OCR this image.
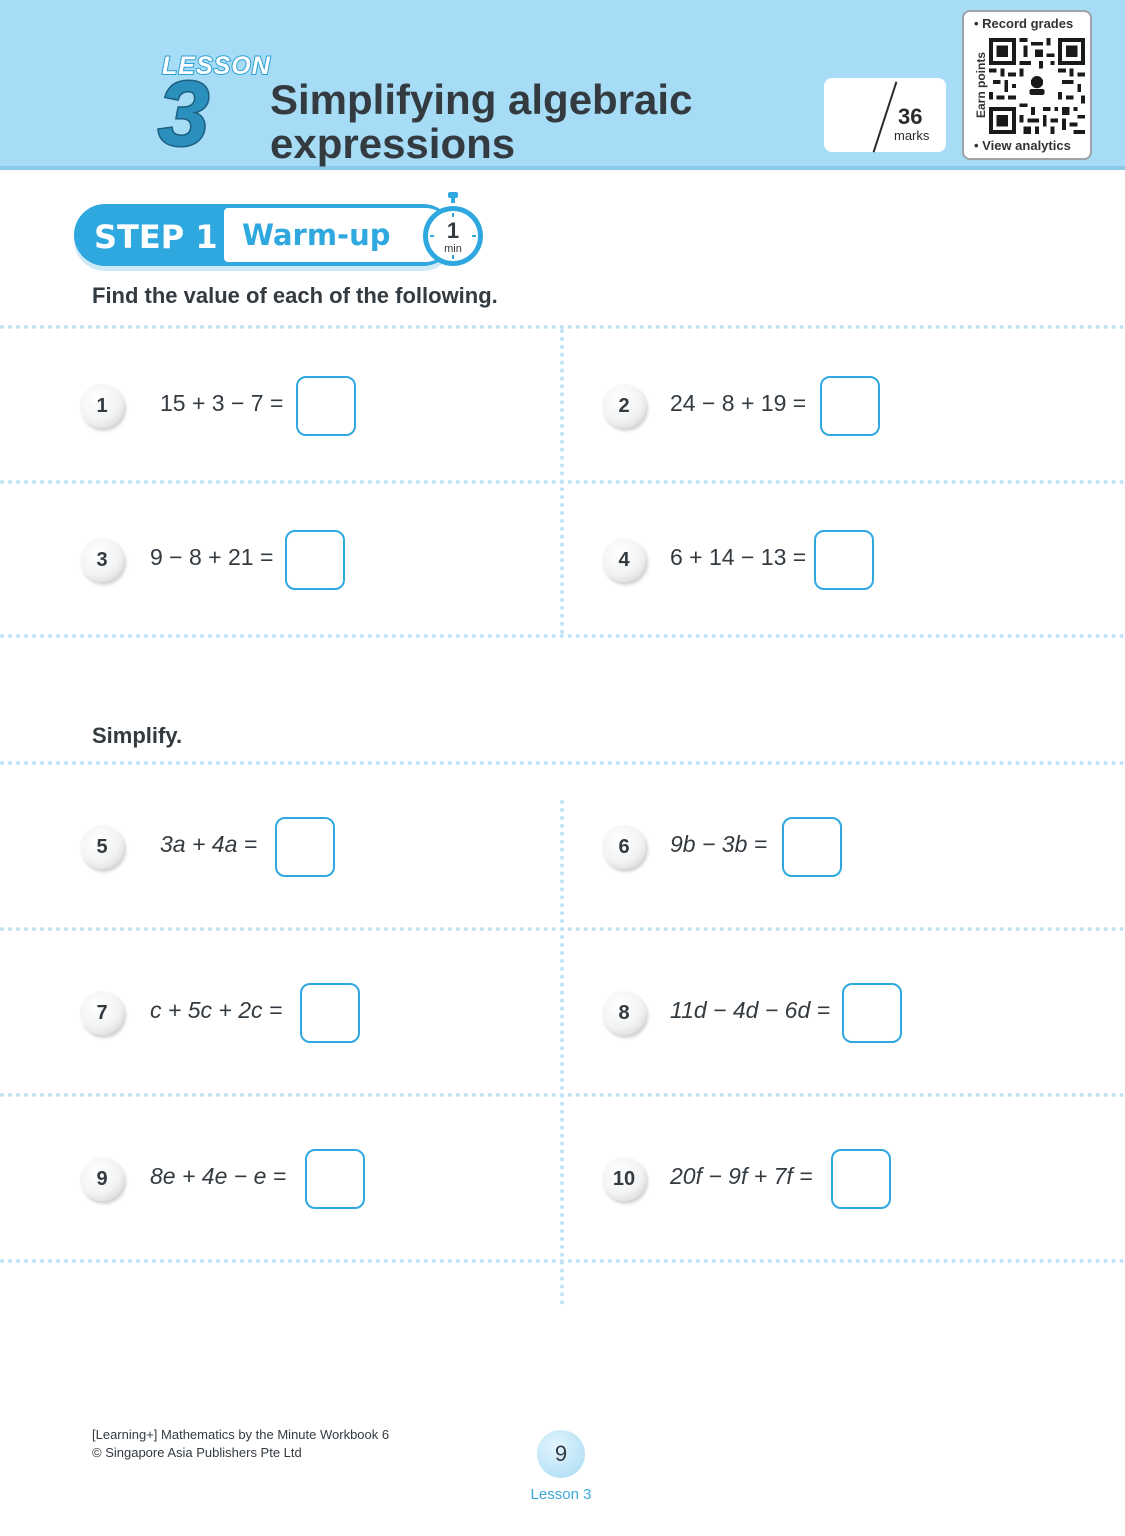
LESSON
3 Simplifying algebraic
expressions
36
marks
• Record grades
Earn points
• View analytics
STEP 1 Warm-up	1
min
Find the value of each of the following.
1	15 + 3 − 7 =	2	24 − 8 + 19 =
3	9 − 8 + 21 =	4	6 + 14 − 13 =
Simplify.
5	3a + 4a =	6	9b − 3b =
7	c + 5c + 2c =	8	11d − 4d − 6d =
9	8e + 4e − e =	10	20f − 9f + 7f =
[Learning+] Mathematics by the Minute Workbook 6
© Singapore Asia Publishers Pte Ltd	9
Lesson 3
